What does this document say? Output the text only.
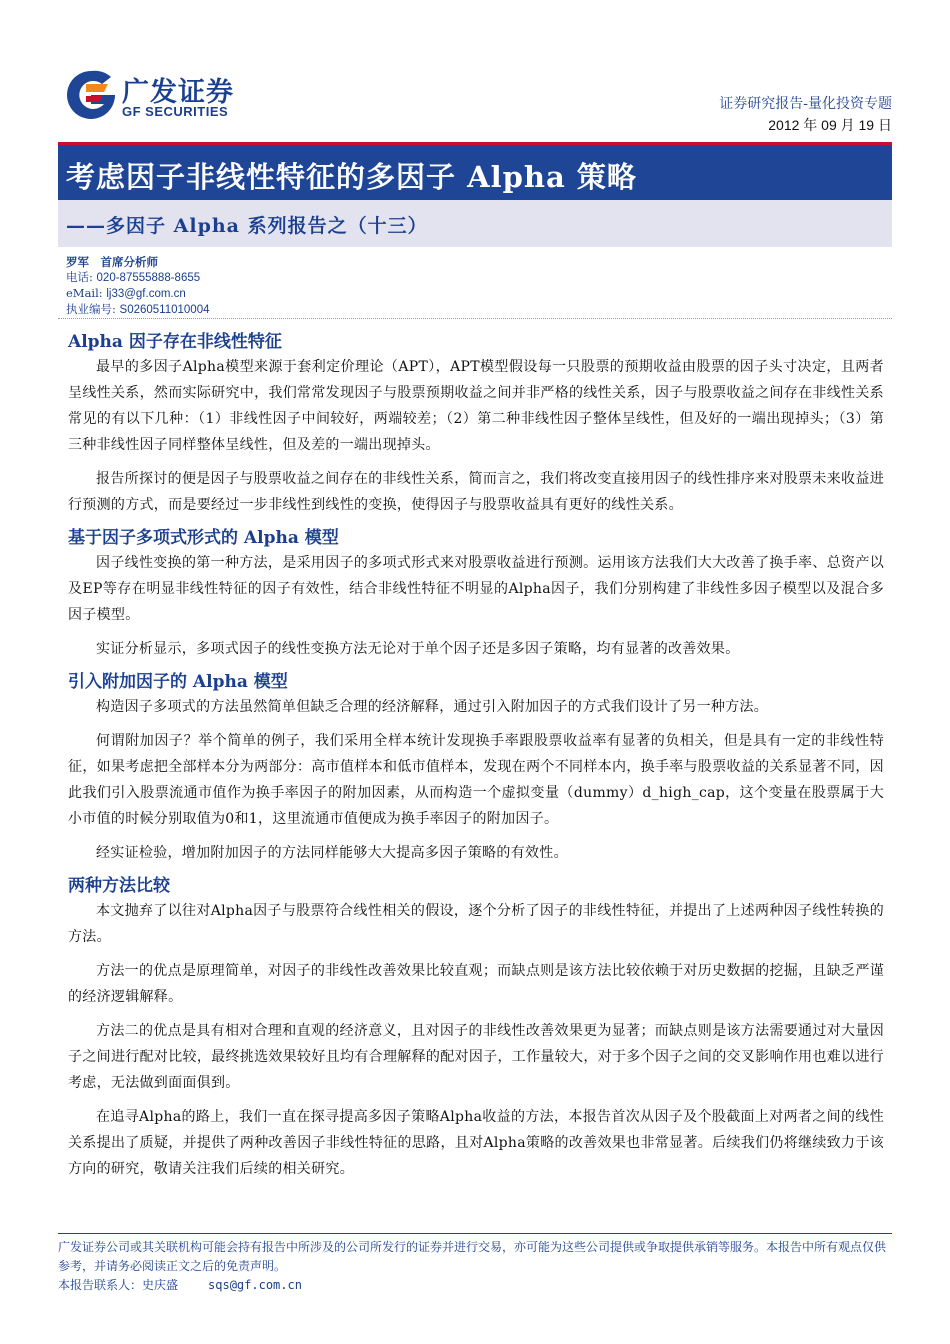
广发证券
GF SECURITIES	证券研究报告-量化投资专题
2012 年 09 月 19 日
考虑因子非线性特征的多因子 Alpha 策略
——多因子 Alpha 系列报告之（十三）
罗军　首席分析师
电话: 020-87555888-8655
eMail: lj33@gf.com.cn
执业编号: S0260511010004
Alpha 因子存在非线性特征

最早的多因子Alpha模型来源于套利定价理论（APT），APT模型假设每一只股票的预期收益由股票的因子头寸决定，且两者呈线性关系，然而实际研究中，我们常常发现因子与股票预期收益之间并非严格的线性关系，因子与股票收益之间存在非线性关系常见的有以下几种：（1）非线性因子中间较好，两端较差；（2）第二种非线性因子整体呈线性，但及好的一端出现掉头；（3）第三种非线性因子同样整体呈线性，但及差的一端出现掉头。

报告所探讨的便是因子与股票收益之间存在的非线性关系，简而言之，我们将改变直接用因子的线性排序来对股票未来收益进行预测的方式，而是要经过一步非线性到线性的变换，使得因子与股票收益具有更好的线性关系。

基于因子多项式形式的 Alpha 模型

因子线性变换的第一种方法，是采用因子的多项式形式来对股票收益进行预测。运用该方法我们大大改善了换手率、总资产以及EP等存在明显非线性特征的因子有效性，结合非线性特征不明显的Alpha因子，我们分别构建了非线性多因子模型以及混合多因子模型。

实证分析显示，多项式因子的线性变换方法无论对于单个因子还是多因子策略，均有显著的改善效果。

引入附加因子的 Alpha 模型

构造因子多项式的方法虽然简单但缺乏合理的经济解释，通过引入附加因子的方式我们设计了另一种方法。

何谓附加因子？举个简单的例子，我们采用全样本统计发现换手率跟股票收益率有显著的负相关，但是具有一定的非线性特征，如果考虑把全部样本分为两部分：高市值样本和低市值样本，发现在两个不同样本内，换手率与股票收益的关系显著不同，因此我们引入股票流通市值作为换手率因子的附加因素，从而构造一个虚拟变量（dummy）d_high_cap，这个变量在股票属于大小市值的时候分别取值为0和1，这里流通市值便成为换手率因子的附加因子。

经实证检验，增加附加因子的方法同样能够大大提高多因子策略的有效性。

两种方法比较

本文抛弃了以往对Alpha因子与股票符合线性相关的假设，逐个分析了因子的非线性特征，并提出了上述两种因子线性转换的方法。

方法一的优点是原理简单，对因子的非线性改善效果比较直观；而缺点则是该方法比较依赖于对历史数据的挖掘，且缺乏严谨的经济逻辑解释。

方法二的优点是具有相对合理和直观的经济意义，且对因子的非线性改善效果更为显著；而缺点则是该方法需要通过对大量因子之间进行配对比较，最终挑选效果较好且均有合理解释的配对因子，工作量较大，对于多个因子之间的交叉影响作用也难以进行考虑，无法做到面面俱到。

在追寻Alpha的路上，我们一直在探寻提高多因子策略Alpha收益的方法，本报告首次从因子及个股截面上对两者之间的线性关系提出了质疑，并提供了两种改善因子非线性特征的思路，且对Alpha策略的改善效果也非常显著。后续我们仍将继续致力于该方向的研究，敬请关注我们后续的相关研究。

广发证券公司或其关联机构可能会持有报告中所涉及的公司所发行的证券并进行交易，亦可能为这些公司提供或争取提供承销等服务。本报告中所有观点仅供参考，并请务必阅读正文之后的免责声明。
本报告联系人：史庆盛	sqs@gf.com.cn
